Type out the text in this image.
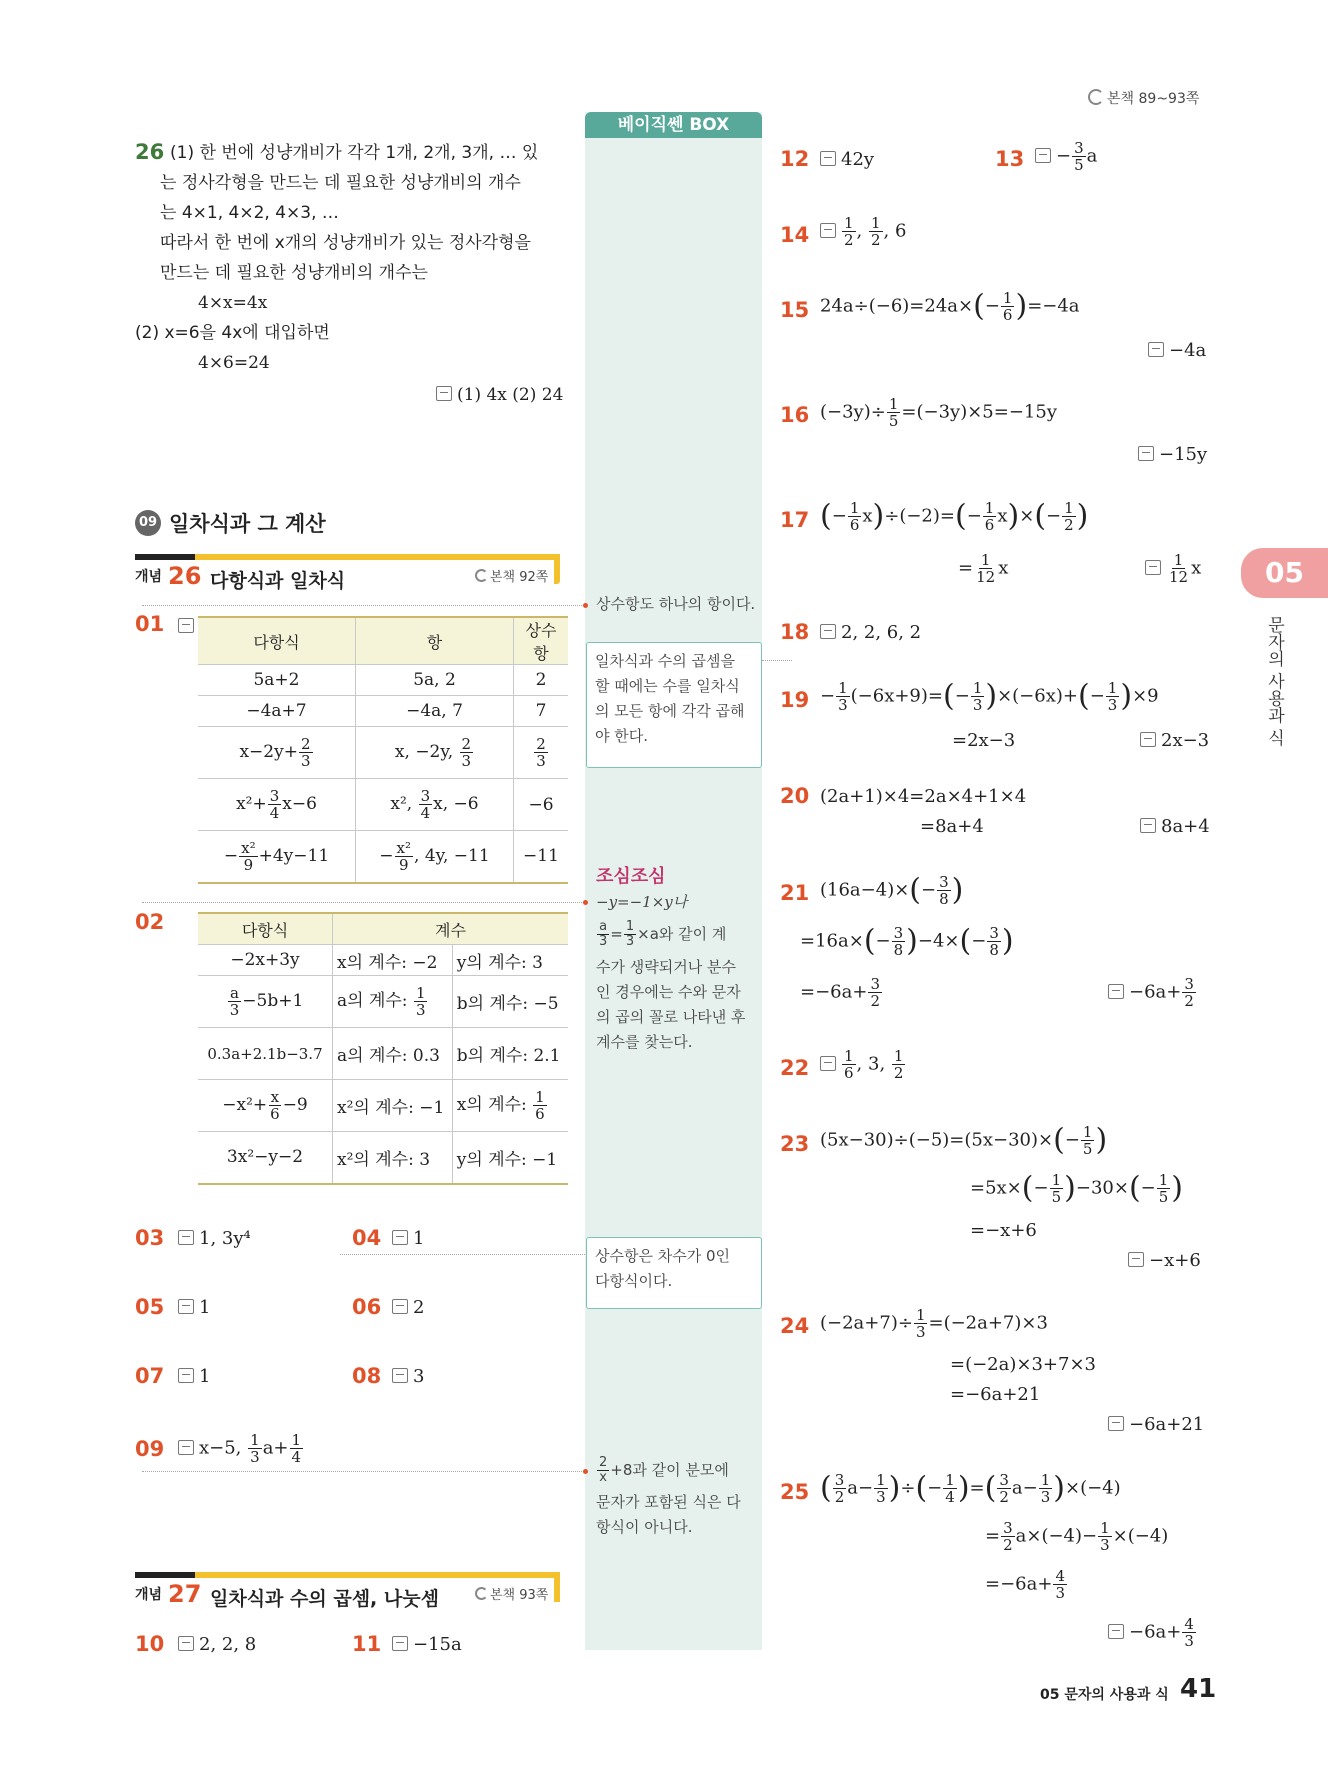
본책 89~93쪽
베이직쎈 BOX
상수항도 하나의 항이다.
일차식과 수의 곱셈을
할 때에는 수를 일차식
의 모든 항에 각각 곱해
야 한다.
조심조심
−y=−1×y나
$\frac{a}{3} = \frac{1}{3} \times a$와 같이 계
수가 생략되거나 분수
인 경우에는 수와 문자
의 곱의 꼴로 나타낸 후
계수를 찾는다.
상수항은 차수가 0인
다항식이다.
$\frac{2}{x} +8$과 같이 분모에
문자가 포함된 식은 다
항식이 아니다.
26 (1) 한 번에 성냥개비가 각각 1개, 2개, 3개, … 있
는 정사각형을 만드는 데 필요한 성냥개비의 개수
는 4×1, 4×2, 4×3, …
따라서 한 번에 x개의 성냥개비가 있는 정사각형을
만드는 데 필요한 성냥개비의 개수는
4×x=4x
(2) x=6을 4x에 대입하면
4×6=24
(1) 4x (2) 24
09 일차식과 그 계산
개념 26 다항식과 일차식	본책 92쪽
01

다항식	항	상수항
5a+2	5a, 2	2
−4a+7	−4a, 7	7
$x-2y+ \frac{2}{3}$	x, −2y, $\frac{2}{3}$	$\frac{2}{3}$

$x^2+ \frac{3}{4} x-6$	x², $\frac{3}{4} x$, −6	−6
− $\frac{\text{x²}}{9} +4y-11$	− $\frac{\text{x²}}{9}$ , 4y, −11	−11
02	다항식	계수	
−2x+3y	x의 계수: −2	y의 계수: 3

$\frac{a}{3} -5b+1$	a의 계수: $\frac{1}{3}$	b의 계수: −5
0.3a+2.1b−3.7	a의 계수: 0.3	b의 계수: 2.1
$-x^2+ \frac{x}{6} -9$	x²의 계수: −1	x의 계수: $\frac{1}{6}$

3x²−y−2	x²의 계수: 3	y의 계수: −1
03	1, 3y⁴	04	1
05	1	06	2
07	1	08	3
09	x−5, $\frac{1}{3} a+ \frac{1}{4}$
개념 27 일차식과 수의 곱셈, 나눗셈	본책 93쪽
10	2, 2, 8	11	−15a
12	42y	13	− $\frac{3}{5}$ a
$14 \frac{1}{2}$ , $\frac{1}{2}$ , 6
15 $24a\div(-6)=24a\times(- \frac{1}{6} )=-4a$
−4a
16 $(-3y)\div \frac{1}{5} =(-3y)\times 5=-15y$
−15y
17 (− $\frac{1}{6} x)\div(-2)=(- \frac{1}{6} x)\times(- \frac{1}{2}$ )
= $\frac{1}{12}$ x	$\frac{1}{12}$ x
18	2, 2, 6, 2
$19 - \frac{1}{3} (-6x+9)=(- \frac{1}{3} )\times(-6x)+(- \frac{1}{3} )\times 9$
=2x−3	2x−3
20 (2a+1)×4=2a×4+1×4
=8a+4	8a+4
21 $(16a-4)\times(- \frac{3}{8}$ )
$=16a\times(- \frac{3}{8} )-4\times(- \frac{3}{8}$ )
$=-6a+ \frac{3}{2}$	$-6a+ \frac{3}{2}$
$22 \frac{1}{6}$ , 3, $\frac{1}{2}$
23 $(5x-30)\div(-5)=(5x-30)\times(- \frac{1}{5}$ )
$=5x\times(- \frac{1}{5} )-30\times(- \frac{1}{5}$ )
=−x+6
−x+6
24 $(-2a+7)\div \frac{1}{3} =(-2a+7)\times 3$
=(−2a)×3+7×3
=−6a+21
−6a+21
25 ( $\frac{3}{2} a- \frac{1}{3}$ )÷(− $\frac{1}{4}$ )=( $\frac{3}{2} a- \frac{1}{3} )\times(-4)$
= $\frac{3}{2} a\times(-4)- \frac{1}{3} \times(-4)$
$=-6a+ \frac{4}{3}$
$-6a+ \frac{4}{3}$
05
문자의 사용과 식
05 문자의 사용과 식 41
